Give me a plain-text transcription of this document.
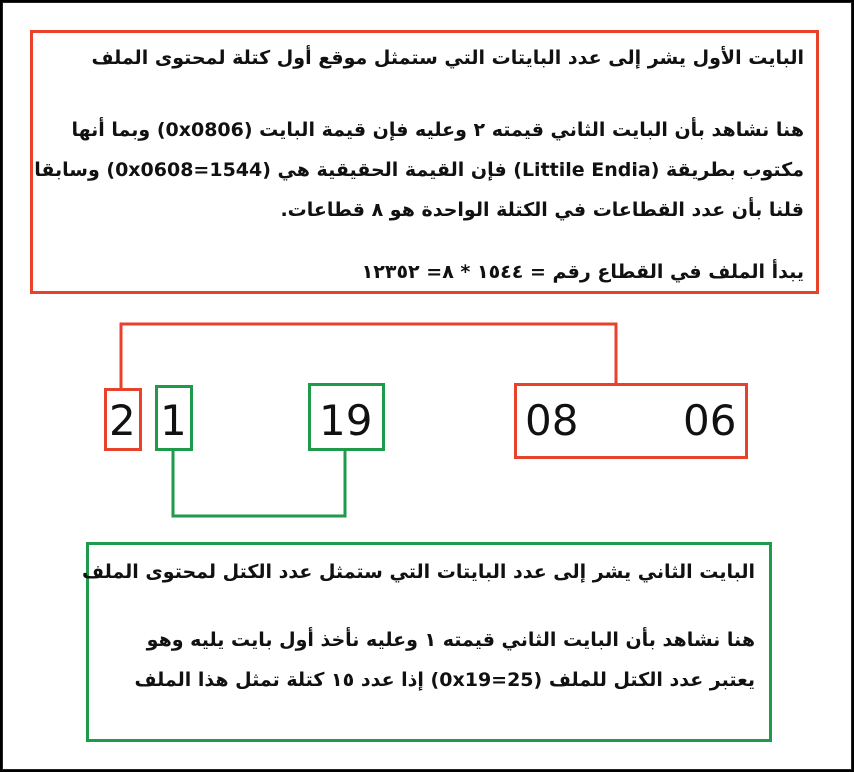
البايت الأول يشر إلى عدد البايتات التي ستمثل موقع أول كتلة لمحتوى الملف
هنا نشاهد بأن البايت الثاني قيمته ٢ وعليه فإن قيمة البايت (0x0806) وبما أنها
مكتوب بطريقة (Littile Endia) فإن القيمة الحقيقية هي (0x0608=1544) وسابقا
قلنا بأن عدد القطاعات في الكتلة الواحدة هو ٨ قطاعات.
يبدأ الملف في القطاع رقم = ١٥٤٤ * ٨= ١٢٣٥٢
2 1	19	08 06
البايت الثاني يشر إلى عدد البايتات التي ستمثل عدد الكتل لمحتوى الملف
هنا نشاهد بأن البايت الثاني قيمته ١ وعليه نأخذ أول بايت يليه وهو
يعتبر عدد الكتل للملف (0x19=25) إذا عدد ١٥ كتلة تمثل هذا الملف
